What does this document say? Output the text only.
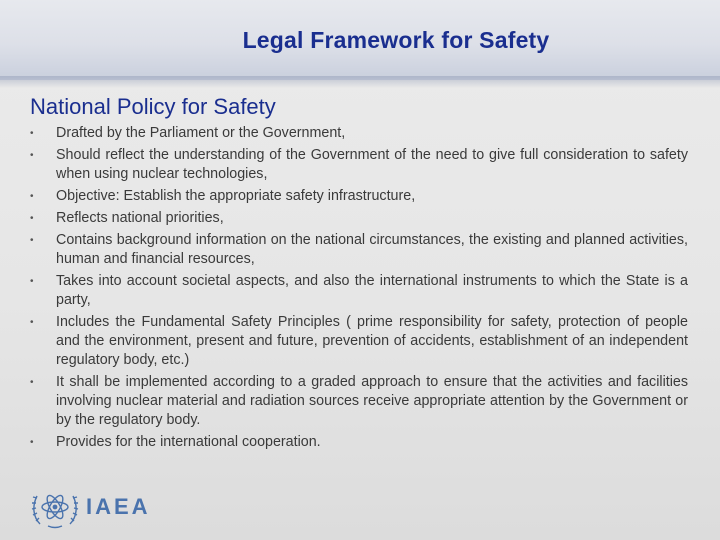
Legal Framework for Safety
National Policy for Safety
• Drafted by the Parliament or the Government,
• Should reflect the understanding of the Government of the need to give full consideration to safety when using nuclear technologies,
• Objective: Establish the appropriate safety infrastructure,
• Reflects national priorities,
• Contains background information on the national circumstances, the existing and planned activities, human and financial resources,
• Takes into account societal aspects, and also the international instruments to which the State is a party,
• Includes the Fundamental Safety Principles ( prime responsibility for safety, protection of people and the environment, present and future, prevention of accidents, establishment of an independent regulatory body, etc.)
• It shall be implemented according to a graded approach to ensure that the activities and facilities involving nuclear material and radiation sources receive appropriate attention by the Government or by the regulatory body.
• Provides for the international cooperation.
IAEA
